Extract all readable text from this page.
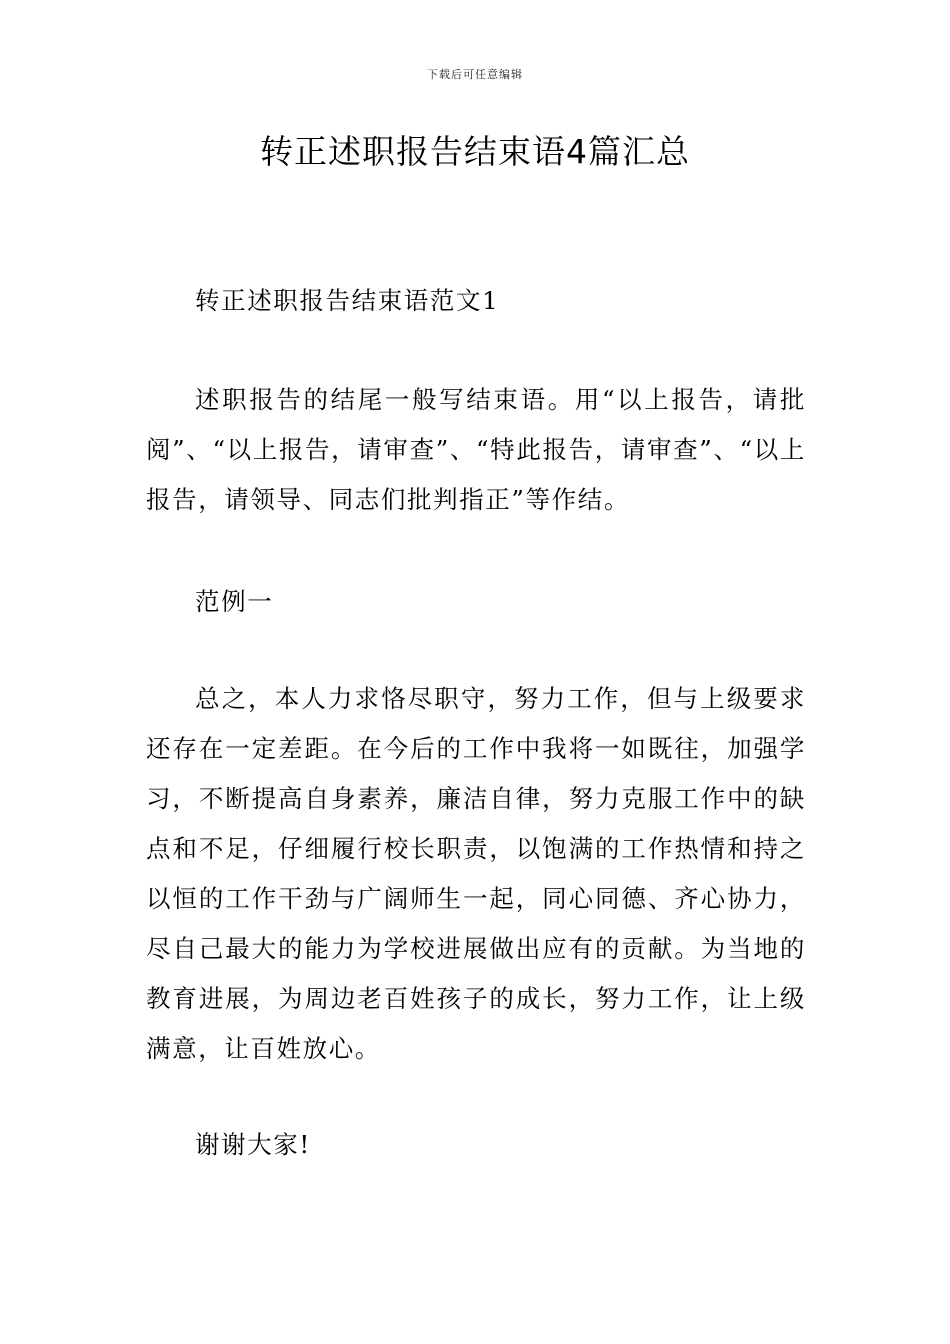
下载后可任意编辑
转正述职报告结束语4篇汇总

转正述职报告结束语范文1

述职报告的结尾一般写结束语。用“以上报告，请批阅”、“以上报告，请审查”、“特此报告，请审查”、“以上报告，请领导、同志们批判指正”等作结。

范例一

总之，本人力求恪尽职守，努力工作，但与上级要求还存在一定差距。在今后的工作中我将一如既往，加强学习，不断提高自身素养，廉洁自律，努力克服工作中的缺点和不足，仔细履行校长职责，以饱满的工作热情和持之以恒的工作干劲与广阔师生一起，同心同德、齐心协力，尽自己最大的能力为学校进展做出应有的贡献。为当地的教育进展，为周边老百姓孩子的成长，努力工作，让上级满意，让百姓放心。

谢谢大家!
